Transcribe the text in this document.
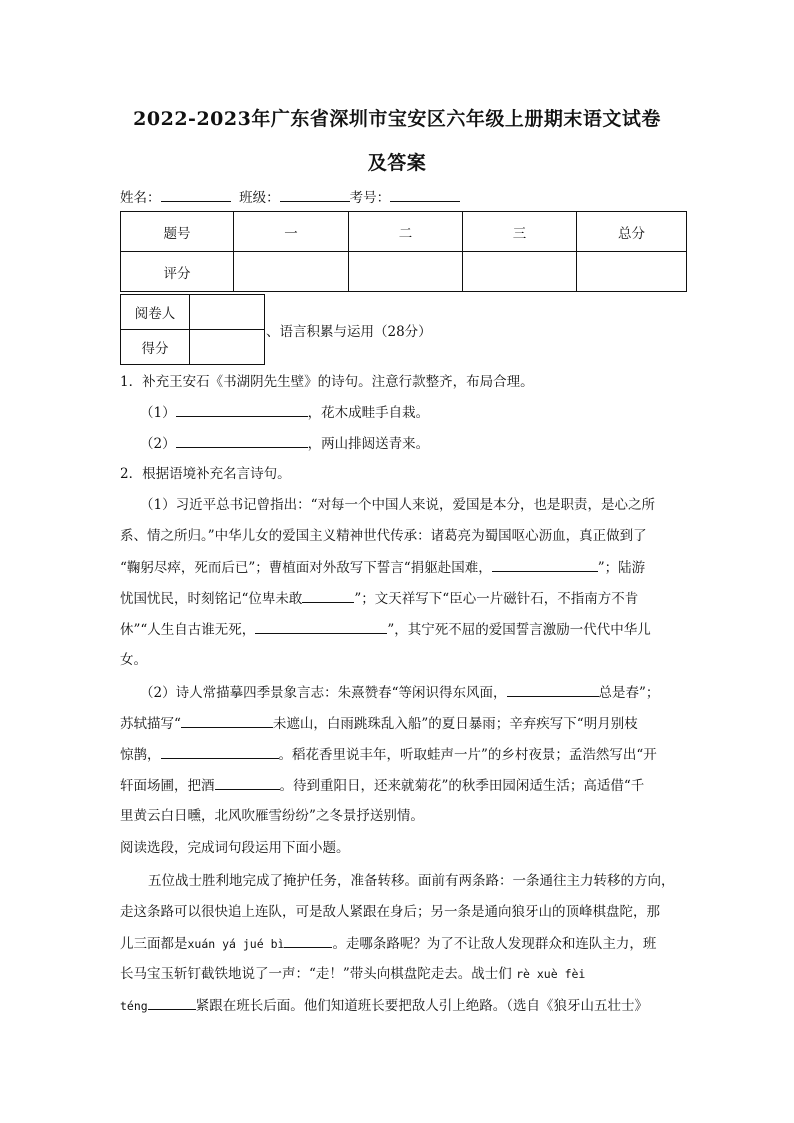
2022-2023年广东省深圳市宝安区六年级上册期末语文试卷
及答案
姓名：	班级：	考号：
题号	一	二	三	总分
评分				
阅卷人	
得分	
、语言积累与运用（28分）
1．补充王安石《书湖阴先生壁》的诗句。注意行款整齐，布局合理。
（1）	，花木成畦手自栽。
（2）	，两山排闼送青来。
2．根据语境补充名言诗句。
（1）习近平总书记曾指出：“对每一个中国人来说，爱国是本分，也是职责，是心之所
系、情之所归。”中华儿女的爱国主义精神世代传承：诸葛亮为蜀国呕心沥血，真正做到了
“鞠躬尽瘁，死而后已”；曹植面对外敌写下誓言“捐躯赴国难，	”；陆游
忧国忧民，时刻铭记“位卑未敢	”；文天祥写下“臣心一片磁针石，不指南方不肯
休”“人生自古谁无死，	”，其宁死不屈的爱国誓言激励一代代中华儿
女。
（2）诗人常描摹四季景象言志：朱熹赞春“等闲识得东风面，	总是春”；
苏轼描写“	未遮山，白雨跳珠乱入船”的夏日暴雨；辛弃疾写下“明月别枝
惊鹊，	。稻花香里说丰年，听取蛙声一片”的乡村夜景；孟浩然写出“开
轩面场圃，把酒	。待到重阳日，还来就菊花”的秋季田园闲适生活；高适借“千
里黄云白日曛，北风吹雁雪纷纷”之冬景抒送别情。
阅读选段，完成词句段运用下面小题。
五位战士胜利地完成了掩护任务，准备转移。面前有两条路：一条通往主力转移的方向，
走这条路可以很快追上连队，可是敌人紧跟在身后；另一条是通向狼牙山的顶峰棋盘陀，那
儿三面都是xuán yá jué bì	。走哪条路呢？为了不让敌人发现群众和连队主力，班
长马宝玉斩钉截铁地说了一声：“走！”带头向棋盘陀走去。战士们 rè xuè fèi
téng	紧跟在班长后面。他们知道班长要把敌人引上绝路。（选自《狼牙山五壮士》
